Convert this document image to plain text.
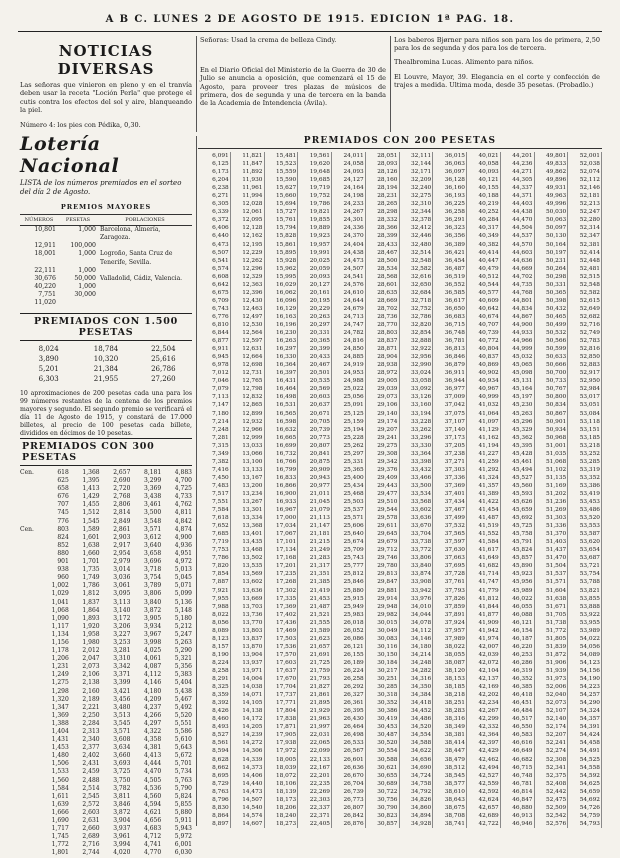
A B C. LUNES 2 DE AGOSTO DE 1915. EDICION 1ª PAG. 18.
NOTICIAS DIVERSAS
Las señoras que vinieron en pleno y en el tranvía deben usar la receta "Loción Perla" que protege el cutis contra los efectos del sol y aire, blanqueando la piel.
Número 4: los pies con Pédika, 0,30.
Lotería Nacional
LISTA de los números premiados en el sorteo del día 2 de Agosto.
PREMIOS MAYORES
NÚMEROS	PESETAS	POBLACIONES
10,801	1,000	Barcelona, Almería, Zaragoza.
12,911	100,000	
18,001	1,000	Logroño, Santa Cruz de Tenerife, Sevilla.
22,111	1,000	
30,676	50,000	Valladolid, Cádiz, Valencia.
40,220	1,000	
7,751	30,000	
11,020		
PREMIADOS CON 1.500 PESETAS
8,024	18,784	22,504
3,890	10,320	25,616
5,201	21,384	26,786
6,303	21,955	27,260
10 aproximaciones de 200 pesetas cada una para los 99 números restantes de la centena de los premios mayores y segundo. El segundo premio se verificará el día 11 de Agosto de 1915, y constará de 17.000 billetes, al precio de 100 pesetas cada billete, divididos en décimos de 10 pesetas.
PREMIADOS CON 300 PESETAS
Cen.	618	1,368	2,657	8,181	4,883
625	1,395	2,690	3,299	4,700
658	1,413	2,720	3,369	4,725
676	1,429	2,768	3,438	4,733
707	1,455	2,806	3,461	4,762
745	1,512	2,814	3,500	4,811
776	1,545	2,849	3,548	4,842
Cen.	803	1,589	2,861	3,571	4,874
824	1,601	2,903	3,612	4,900
852	1,638	2,917	3,640	4,936
880	1,660	2,954	3,658	4,951
901	1,701	2,979	3,696	4,972
938	1,735	3,014	3,718	5,013
960	1,749	3,036	3,754	5,045
1,002	1,786	3,061	3,789	5,071
1,029	1,812	3,095	3,806	5,099
1,041	1,837	3,113	3,840	5,136
1,068	1,864	3,140	3,872	5,148
1,090	1,893	3,172	3,905	5,180
1,117	1,920	3,206	3,934	5,212
1,134	1,958	3,227	3,967	5,247
1,156	1,980	3,253	3,998	5,263
1,178	2,012	3,281	4,025	5,290
1,206	2,047	3,310	4,061	5,321
1,231	2,073	3,342	4,087	5,356
1,249	2,106	3,371	4,112	5,383
1,275	2,138	3,399	4,146	5,404
1,298	2,160	3,421	4,180	5,438
1,320	2,189	3,456	4,209	5,467
1,347	2,221	3,480	4,237	5,492
1,369	2,250	3,513	4,266	5,520
1,388	2,284	3,545	4,297	5,551
1,404	2,313	3,571	4,322	5,586
1,431	2,340	3,608	4,358	5,610
1,453	2,377	3,634	4,381	5,643
1,480	2,402	3,660	4,413	5,672
1,506	2,431	3,693	4,444	5,701
1,533	2,459	3,725	4,470	5,734
1,560	2,488	3,750	4,505	5,763
1,584	2,514	3,782	4,536	5,790
1,611	2,545	3,811	4,560	5,824
1,639	2,572	3,846	4,594	5,855
1,666	2,603	3,872	4,621	5,880
1,690	2,631	3,904	4,656	5,911
1,717	2,660	3,937	4,683	5,943
1,745	2,689	3,961	4,712	5,972
1,772	2,716	3,994	4,741	6,001
1,801	2,744	4,020	4,770	6,030
Señoras: Usad la crema de belleza Cindy.
En el Diario Oficial del Ministerio de la Guerra de 30 de Julio se anuncia a oposición, que comenzará el 15 de Agosto, para proveer tres plazas de músicos de primera, dos de segunda y una de tercera en la banda de la Academia de Intendencia (Ávila).
Los baberos Bjørner para niños son para los de primera, 2,50 para los de segunda y dos para los de tercera.
Thealbromina Lucas. Alimento para niños.
El Louvre, Mayor, 39. Elegancia en el corte y confección de trajes a medida. Ultima moda, desde 35 pesetas. (Probadlo.)
PREMIADOS CON 200 PESETAS
6,091	11,821	15,481	19,561	24,011	28,051	32,111	36,015	40,021	44,201	49,801	52,001
6,125	11,847	15,523	19,620	24,058	28,093	32,144	36,063	40,058	44,236	49,833	52,038
6,173	11,892	15,559	19,648	24,093	28,126	32,171	36,097	40,093	44,271	49,862	52,074
6,204	11,930	15,590	19,685	24,127	28,160	32,209	36,128	40,121	44,305	49,896	52,112
6,238	11,961	15,627	19,719	24,164	28,194	32,240	36,160	40,155	44,337	49,931	52,146
6,271	11,994	15,660	19,752	24,198	28,231	32,275	36,193	40,188	44,371	49,963	52,181
6,305	12,028	15,694	19,786	24,233	28,265	32,310	36,225	40,219	44,403	49,996	52,213
6,339	12,061	15,727	19,821	24,267	28,298	32,344	36,258	40,252	44,438	50,030	52,247
6,372	12,095	15,761	19,855	24,301	28,332	32,378	36,291	40,284	44,470	50,063	52,280
6,406	12,128	15,794	19,889	24,336	28,366	32,412	36,323	40,317	44,504	50,097	52,314
6,440	12,162	15,828	19,923	24,370	28,399	32,446	36,356	40,349	44,537	50,130	52,347
6,473	12,195	15,861	19,957	24,404	28,433	32,480	36,389	40,382	44,570	50,164	52,381
6,507	12,229	15,895	19,991	24,438	28,467	32,514	36,421	40,414	44,603	50,197	52,414
6,541	12,262	15,928	20,025	24,473	28,500	32,548	36,454	40,447	44,636	50,231	52,448
6,574	12,296	15,962	20,059	24,507	28,534	32,582	36,487	40,479	44,669	50,264	52,481
6,608	12,329	15,995	20,093	24,541	28,568	32,616	36,519	40,512	44,702	50,298	52,515
6,642	12,363	16,029	20,127	24,576	28,601	32,650	36,552	40,544	44,735	50,331	52,548
6,675	12,396	16,062	20,161	24,610	28,635	32,684	36,585	40,577	44,768	50,365	52,582
6,709	12,430	16,096	20,195	24,644	28,669	32,718	36,617	40,609	44,801	50,398	52,615
6,743	12,463	16,129	20,229	24,679	28,702	32,752	36,650	40,642	44,834	50,432	52,649
6,776	12,497	16,163	20,263	24,713	28,736	32,786	36,683	40,674	44,867	50,465	52,682
6,810	12,530	16,196	20,297	24,747	28,770	32,820	36,715	40,707	44,900	50,499	52,716
6,844	12,564	16,230	20,331	24,782	28,803	32,854	36,748	40,739	44,933	50,532	52,749
6,877	12,597	16,263	20,365	24,816	28,837	32,888	36,781	40,772	44,966	50,566	52,783
6,911	12,631	16,297	20,399	24,850	28,871	32,922	36,813	40,804	44,999	50,599	52,816
6,945	12,664	16,330	20,433	24,885	28,904	32,956	36,846	40,837	45,032	50,633	52,850
6,978	12,698	16,364	20,467	24,919	28,938	32,990	36,879	40,869	45,065	50,666	52,883
7,012	12,731	16,397	20,501	24,953	28,972	33,024	36,911	40,902	45,098	50,700	52,917
7,046	12,765	16,431	20,535	24,988	29,005	33,058	36,944	40,934	45,131	50,733	52,950
7,079	12,798	16,464	20,569	25,022	29,039	33,092	36,977	40,967	45,164	50,767	52,984
7,113	12,832	16,498	20,603	25,056	29,073	33,126	37,009	40,999	45,197	50,800	53,017
7,147	12,865	16,531	20,637	25,091	29,106	33,160	37,042	41,032	45,230	50,834	53,051
7,180	12,899	16,565	20,671	25,125	29,140	33,194	37,075	41,064	45,263	50,867	53,084
7,214	12,932	16,598	20,705	25,159	29,174	33,228	37,107	41,097	45,296	50,901	53,118
7,248	12,966	16,632	20,739	25,194	29,207	33,262	37,140	41,129	45,329	50,934	53,151
7,281	12,999	16,665	20,773	25,228	29,241	33,296	37,173	41,162	45,362	50,968	53,185
7,315	13,033	16,699	20,807	25,262	29,275	33,330	37,205	41,194	45,395	51,001	53,218
7,349	13,066	16,732	20,841	25,297	29,308	33,364	37,238	41,227	45,428	51,035	53,252
7,382	13,100	16,766	20,875	25,331	29,342	33,398	37,271	41,259	45,461	51,068	53,285
7,416	13,133	16,799	20,909	25,365	29,376	33,432	37,303	41,292	45,494	51,102	53,319
7,450	13,167	16,833	20,943	25,400	29,409	33,466	37,336	41,324	45,527	51,135	53,352
7,483	13,200	16,866	20,977	25,434	29,443	33,500	37,369	41,357	45,560	51,169	53,386
7,517	13,234	16,900	21,011	25,468	29,477	33,534	37,401	41,389	45,593	51,202	53,419
7,551	13,267	16,933	21,045	25,503	29,510	33,568	37,434	41,422	45,626	51,236	53,453
7,584	13,301	16,967	21,079	25,537	29,544	33,602	37,467	41,454	45,659	51,269	53,486
7,618	13,334	17,000	21,113	25,571	29,578	33,636	37,499	41,487	45,692	51,303	53,520
7,652	13,368	17,034	21,147	25,606	29,611	33,670	37,532	41,519	45,725	51,336	53,553
7,685	13,401	17,067	21,181	25,640	29,645	33,704	37,565	41,552	45,758	51,370	53,587
7,719	13,435	17,101	21,215	25,674	29,679	33,738	37,597	41,584	45,791	51,403	53,620
7,753	13,468	17,134	21,249	25,709	29,712	33,772	37,630	41,617	45,824	51,437	53,654
7,786	13,502	17,168	21,283	25,743	29,746	33,806	37,663	41,649	45,857	51,470	53,687
7,820	13,535	17,201	21,317	25,777	29,780	33,840	37,695	41,682	45,890	51,504	53,721
7,854	13,569	17,235	21,351	25,812	29,813	33,874	37,728	41,714	45,923	51,537	53,754
7,887	13,602	17,268	21,385	25,846	29,847	33,908	37,761	41,747	45,956	51,571	53,788
7,921	13,636	17,302	21,419	25,880	29,881	33,942	37,793	41,779	45,989	51,604	53,821
7,955	13,669	17,335	21,453	25,915	29,914	33,976	37,826	41,812	46,022	51,638	53,855
7,988	13,703	17,369	21,487	25,949	29,948	34,010	37,859	41,844	46,055	51,671	53,888
8,022	13,736	17,402	21,521	25,983	29,982	34,044	37,891	41,877	46,088	51,705	53,922
8,056	13,770	17,436	21,555	26,018	30,015	34,078	37,924	41,909	46,121	51,738	53,955
8,089	13,803	17,469	21,589	26,052	30,049	34,112	37,957	41,942	46,154	51,772	53,989
8,123	13,837	17,503	21,623	26,086	30,083	34,146	37,989	41,974	46,187	51,805	54,022
8,157	13,870	17,536	21,657	26,121	30,116	34,180	38,022	42,007	46,220	51,839	54,056
8,190	13,904	17,570	21,691	26,155	30,150	34,214	38,055	42,039	46,253	51,872	54,089
8,224	13,937	17,603	21,725	26,189	30,184	34,248	38,087	42,072	46,286	51,906	54,123
8,258	13,971	17,637	21,759	26,224	30,217	34,282	38,120	42,104	46,319	51,939	54,156
8,291	14,004	17,670	21,793	26,258	30,251	34,316	38,153	42,137	46,352	51,973	54,190
8,325	14,038	17,704	21,827	26,292	30,285	34,350	38,185	42,169	46,385	52,006	54,223
8,359	14,071	17,737	21,861	26,327	30,318	34,384	38,218	42,202	46,418	52,040	54,257
8,392	14,105	17,771	21,895	26,361	30,352	34,418	38,251	42,234	46,451	52,073	54,290
8,426	14,138	17,804	21,929	26,395	30,386	34,452	38,283	42,267	46,484	52,107	54,324
8,460	14,172	17,838	21,963	26,430	30,419	34,486	38,316	42,299	46,517	52,140	54,357
8,493	14,205	17,871	21,997	26,464	30,453	34,520	38,349	42,332	46,550	52,174	54,391
8,527	14,239	17,905	22,031	26,498	30,487	34,554	38,381	42,364	46,583	52,207	54,424
8,561	14,272	17,938	22,065	26,533	30,520	34,588	38,414	42,397	46,616	52,241	54,458
8,594	14,306	17,972	22,099	26,567	30,554	34,622	38,447	42,429	46,649	52,274	54,491
8,628	14,339	18,005	22,133	26,601	30,588	34,656	38,479	42,462	46,682	52,308	54,525
8,662	14,373	18,039	22,167	26,636	30,621	34,690	38,512	42,494	46,715	52,341	54,558
8,695	14,406	18,072	22,201	26,670	30,655	34,724	38,545	42,527	46,748	52,375	54,592
8,729	14,440	18,106	22,235	26,704	30,689	34,758	38,577	42,559	46,781	52,408	54,625
8,763	14,473	18,139	22,269	26,739	30,722	34,792	38,610	42,592	46,814	52,442	54,659
8,796	14,507	18,173	22,303	26,773	30,756	34,826	38,643	42,624	46,847	52,475	54,692
8,830	14,540	18,206	22,337	26,807	30,790	34,860	38,675	42,657	46,880	52,509	54,726
8,864	14,574	18,240	22,371	26,842	30,823	34,894	38,708	42,689	46,913	52,542	54,759
8,897	14,607	18,273	22,405	26,876	30,857	34,928	38,741	42,722	46,946	52,576	54,793
